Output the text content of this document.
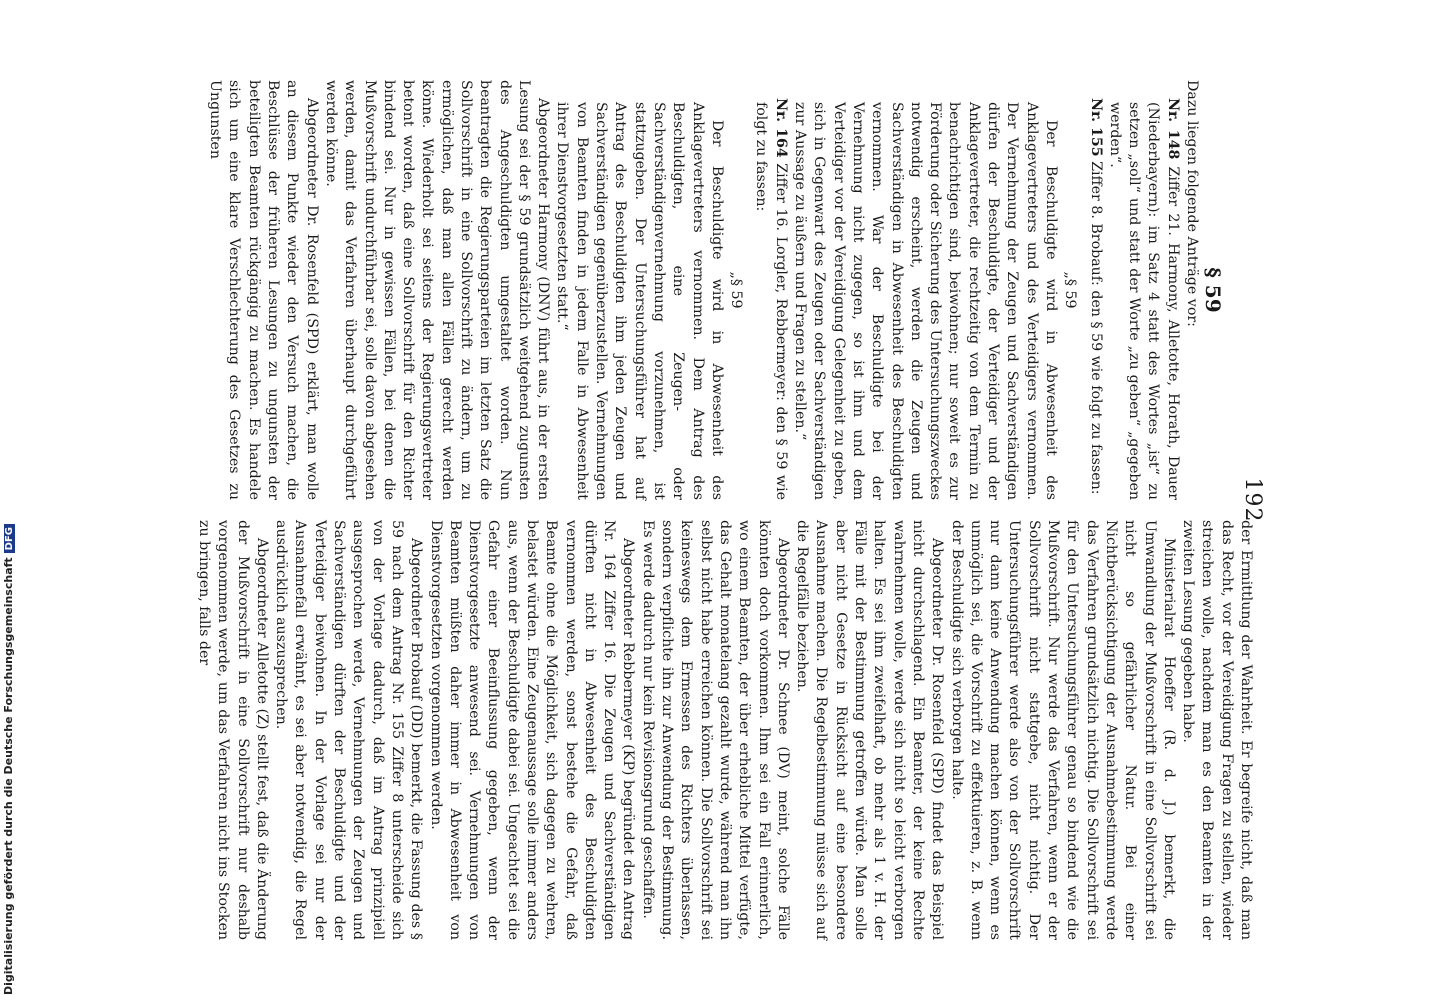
192
§ 59

Dazu liegen folgende Anträge vor:

Nr. 148 Ziffer 21. Harmony, Alletotte, Horath, Dauer (Niederbayern): im Satz 4 statt des Wortes „ist“ zu setzen „soll“ und statt der Worte „zu geben“ „gegeben werden“.

Nr. 155 Ziffer 8. Brobauf: den § 59 wie folgt zu fassen:

„§ 59

Der Beschuldigte wird in Abwesenheit des Anklagevertreters und des Verteidigers vernommen. Der Vernehmung der Zeugen und Sachverständigen dürfen der Beschuldigte, der Verteidiger und der Anklagevertreter, die rechtzeitig von dem Termin zu benachrichtigen sind, beiwohnen; nur soweit es zur Förderung oder Sicherung des Untersuchungszweckes notwendig erscheint, werden die Zeugen und Sachverständigen in Abwesenheit des Beschuldigten vernommen. War der Beschuldigte bei der Vernehmung nicht zugegen, so ist ihm und dem Verteidiger vor der Vereidigung Gelegenheit zu geben, sich in Gegenwart des Zeugen oder Sachverständigen zur Aussage zu äußern und Fragen zu stellen.“

Nr. 164 Ziffer 16. Lorgler, Rebbermeyer: den § 59 wie folgt zu fassen:

„§ 59

Der Beschuldigte wird in Abwesenheit des Anklagevertreters vernommen. Dem Antrag des Beschuldigten, eine Zeugen- oder Sachverständigenvernehmung vorzunehmen, ist stattzugeben. Der Untersuchungsführer hat auf Antrag des Beschuldigten ihm jeden Zeugen und Sachverständigen gegenüberzustellen. Vernehmungen von Beamten finden in jedem Falle in Abwesenheit ihrer Dienstvorgesetzten statt.“

Abgeordneter Harmony (DNV) führt aus, in der ersten Lesung sei der § 59 grundsätzlich weitgehend zugunsten des Angeschuldigten umgestaltet worden. Nun beantragten die Regierungsparteien im letzten Satz die Sollvorschrift in eine Sollvorschrift zu ändern, um zu ermöglichen, daß man allen Fällen gerecht werden könne. Wiederholt sei seitens der Regierungsvertreter betont worden, daß eine Sollvorschrift für den Richter bindend sei. Nur in gewissen Fällen, bei denen die Mußvorschrift undurchführbar sei, solle davon abgesehen werden, damit das Verfahren überhaupt durchgeführt werden könne.

Abgeordneter Dr. Rosenfeld (SPD) erklärt, man wolle an diesem Punkte wieder den Versuch machen, die Beschlüsse der früheren Lesungen zu ungunsten der beteiligten Beamten rückgängig zu machen. Es handele sich um eine klare Verschlechterung des Gesetzes zu Ungunsten

der Ermittlung der Wahrheit. Er begreife nicht, daß man das Recht, vor der Vereidigung Fragen zu stellen, wieder streichen wolle, nachdem man es den Beamten in der zweiten Lesung gegeben habe.

Ministerialrat Hoeffer (R. d. J.) bemerkt, die Umwandlung der Mußvorschrift in eine Sollvorschrift sei nicht so gefährlicher Natur. Bei einer Nichtberücksichtigung der Ausnahmebestimmung werde das Verfahren grundsätzlich nichtig. Die Sollvorschrift sei für den Untersuchungsführer genau so bindend wie die Mußvorschrift. Nur werde das Verfahren, wenn er der Sollvorschrift nicht stattgebe, nicht nichtig. Der Untersuchungsführer werde also von der Sollvorschrift nur dann keine Anwendung machen können, wenn es unmöglich sei, die Vorschrift zu effektuieren, z. B. wenn der Beschuldigte sich verborgen halte.

Abgeordneter Dr. Rosenfeld (SPD) findet das Beispiel nicht durchschlagend. Ein Beamter, der keine Rechte wahrnehmen wolle, werde sich nicht so leicht verborgen halten. Es sei ihm zweifelhaft, ob mehr als 1 v. H. der Fälle mit der Bestimmung getroffen würde. Man solle aber nicht Gesetze in Rücksicht auf eine besondere Ausnahme machen. Die Regelbestimmung müsse sich auf die Regelfälle beziehen.

Abgeordneter Dr. Schnee (DV) meint, solche Fälle könnten doch vorkommen. Ihm sei ein Fall erinnerlich, wo einem Beamten, der über erhebliche Mittel verfügte, das Gehalt monatelang gezahlt wurde, während man ihn selbst nicht habe erreichen können. Die Sollvorschrift sei keineswegs dem Ermessen des Richters überlassen, sondern verpflichte ihn zur Anwendung der Bestimmung. Es werde dadurch nur kein Revisionsgrund geschaffen.

Abgeordneter Rebbermeyer (KP) begründet den Antrag Nr. 164 Ziffer 16. Die Zeugen und Sachverständigen dürften nicht in Abwesenheit des Beschuldigten vernommen werden, sonst bestehe die Gefahr, daß Beamte ohne die Möglichkeit, sich dagegen zu wehren, belastet würden. Eine Zeugenaussage solle immer anders aus, wenn der Beschuldigte dabei sei. Ungeachtet sei die Gefahr einer Beeinflussung gegeben, wenn der Dienstvorgesetzte anwesend sei. Vernehmungen von Beamten müßten daher immer in Abwesenheit von Dienstvorgesetzten vorgenommen werden.

Abgeordneter Brobauf (DD) bemerkt, die Fassung des § 59 nach dem Antrag Nr. 155 Ziffer 8 unterscheide sich von der Vorlage dadurch, daß im Antrag prinzipiell ausgesprochen werde, Vernehmungen der Zeugen und Sachverständigen dürften der Beschuldigte und der Verteidiger beiwohnen. In der Vorlage sei nur der Ausnahmefall erwähnt, es sei aber notwendig, die Regel ausdrücklich auszusprechen.

Abgeordneter Alletotte (Z) stellt fest, daß die Änderung der Mußvorschrift in eine Sollvorschrift nur deshalb vorgenommen werde, um das Verfahren nicht ins Stocken zu bringen, falls der

Digitalisierung gefördert durch die Deutsche ForschungsgemeinschaftDFG
